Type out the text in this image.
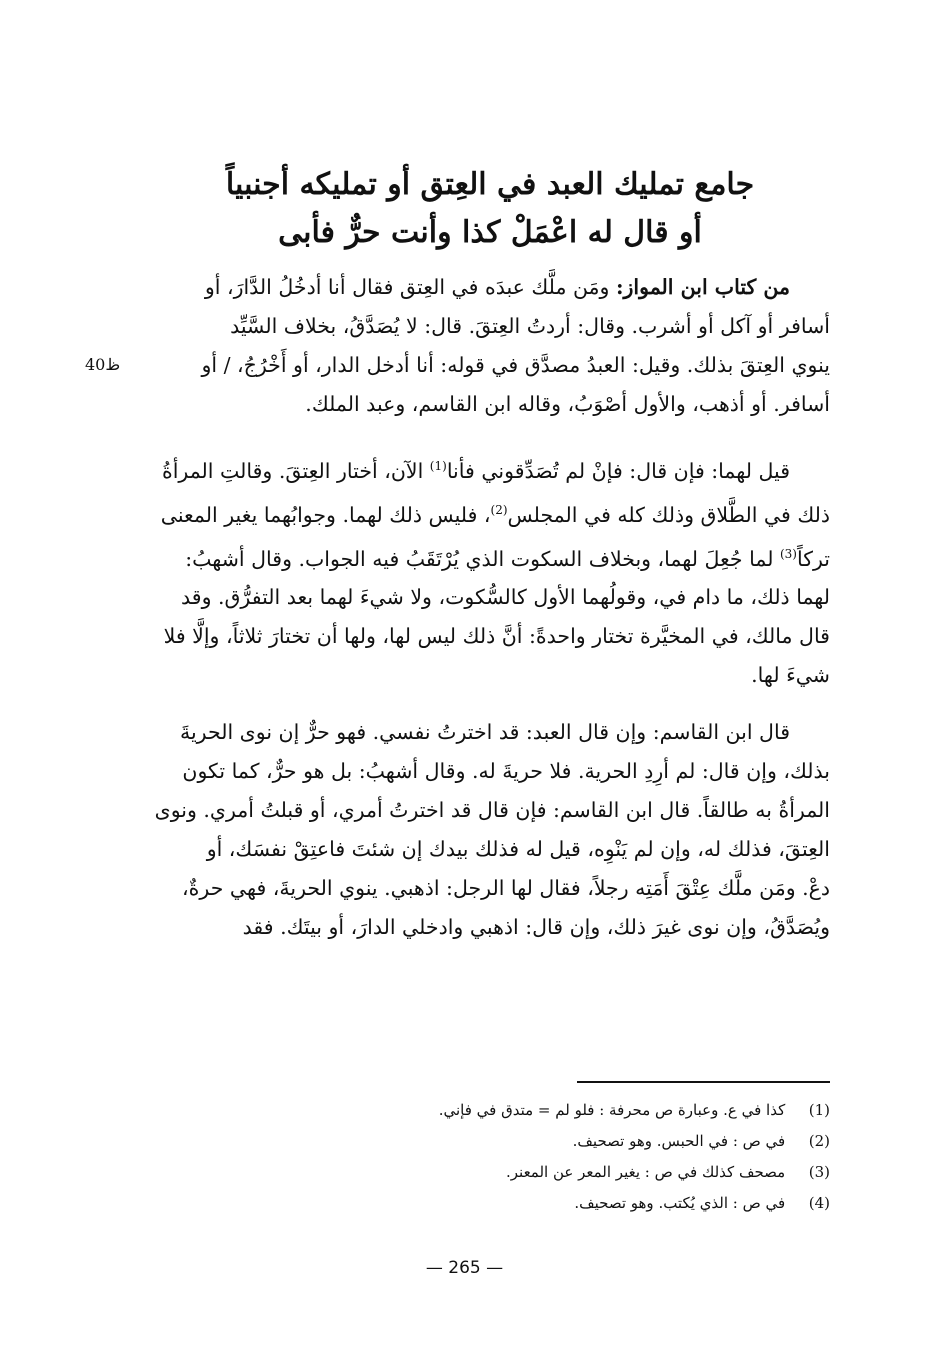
جامع تمليك العبد في العِتق أو تمليكه أجنبياً
أو قال له اعْمَلْ كذا وأنت حرٌّ فأبى
ظ40
من كتاب ابن المواز: ومَن ملَّك عبدَه في العِتق فقال أنا أدخُلُ الدَّارَ، أو
أسافر أو آكل أو أشرب. وقال: أردتُ العِتقَ. قال: لا يُصَدَّقُ، بخلاف السَّيِّد
ينوي العِتقَ بذلك. وقيل: العبدُ مصدَّق في قوله: أنا أدخل الدار، أو أَخْرُجُ، / أو
أسافر. أو أذهب، والأول أصْوَبُ، وقاله ابن القاسم، وعبد الملك.
قيل لهما: فإن قال: فإنْ لم تُصَدِّقوني فأنا$^{(1)}$ الآن، أختار العِتقَ. وقالتِ المرأةُ
ذلك في الطَّلاق وذلك كله في المجلس$^{(2)}$، فليس ذلك لهما. وجوابُهما يغير المعنى
تركاً$^{(3)}$ لما جُعِلَ لهما، وبخلاف السكوت الذي يُرْتَقَبُ فيه الجواب. وقال أشهبُ:
لهما ذلك، ما دام في، وقولُهما الأول كالسُّكوت، ولا شيءَ لهما بعد التفرُّق. وقد
قال مالك، في المخيَّرة تختار واحدةً: أنَّ ذلك ليس لها، ولها أن تختارَ ثلاثاً، وإلَّا فلا
شيءَ لها.
قال ابن القاسم: وإن قال العبد: قد اخترتُ نفسي. فهو حرٌّ إن نوى الحريةَ
بذلك، وإن قال: لم أرِدِ الحرية. فلا حريةَ له. وقال أشهبُ: بل هو حرٌّ، كما تكون
المرأةُ به طالقاً. قال ابن القاسم: فإن قال قد اخترتُ أمري، أو قبلتُ أمري. ونوى
العِتقَ، فذلك له، وإن لم يَنْوِه، قيل له فذلك بيدك إن شئتَ فاعتِقْ نفسَك، أو
دعْ. ومَن ملَّك عِتْقَ أَمَتِه رجلاً، فقال لها الرجل: اذهبي. ينوي الحريةَ، فهي حرةٌ،
ويُصَدَّقُ، وإن نوى غيرَ ذلك، وإن قال: اذهبي وادخلي الدارَ، أو بيتَك. فقد
(1) كذا في ع. وعبارة ص محرفة : فلو لم = متدق في فإني.
(2) في ص : في الحبس. وهو تصحيف.
(3) مصحف كذلك في ص : يغير المعر عن المعنر.
(4) في ص : الذي يُكتب. وهو تصحيف.
— 265 —
